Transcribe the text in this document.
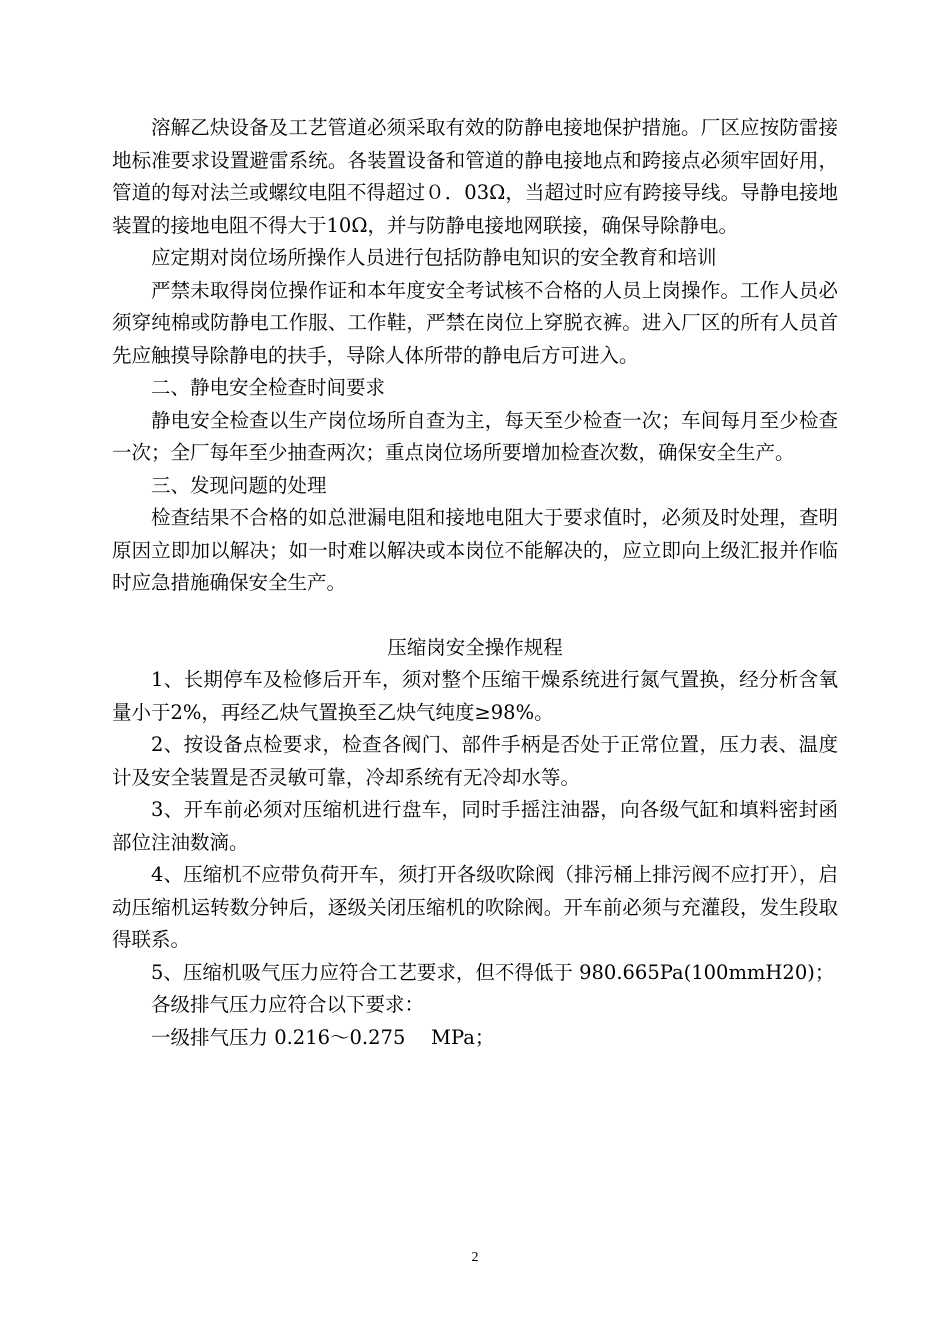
溶解乙炔设备及工艺管道必须采取有效的防静电接地保护措施。厂区应按防雷接地标准要求设置避雷系统。各装置设备和管道的静电接地点和跨接点必须牢固好用，管道的每对法兰或螺纹电阻不得超过０．03Ω，当超过时应有跨接导线。导静电接地装置的接地电阻不得大于10Ω，并与防静电接地网联接，确保导除静电。

应定期对岗位场所操作人员进行包括防静电知识的安全教育和培训

严禁未取得岗位操作证和本年度安全考试核不合格的人员上岗操作。工作人员必须穿纯棉或防静电工作服、工作鞋，严禁在岗位上穿脱衣裤。进入厂区的所有人员首先应触摸导除静电的扶手，导除人体所带的静电后方可进入。

二、静电安全检查时间要求

静电安全检查以生产岗位场所自查为主，每天至少检查一次；车间每月至少检查一次；全厂每年至少抽查两次；重点岗位场所要增加检查次数，确保安全生产。

三、发现问题的处理

检查结果不合格的如总泄漏电阻和接地电阻大于要求值时，必须及时处理，查明原因立即加以解决；如一时难以解决或本岗位不能解决的，应立即向上级汇报并作临时应急措施确保安全生产。

压缩岗安全操作规程

1、长期停车及检修后开车，须对整个压缩干燥系统进行氮气置换，经分析含氧量小于2%，再经乙炔气置换至乙炔气纯度≥98%。

2、按设备点检要求，检查各阀门、部件手柄是否处于正常位置，压力表、温度计及安全装置是否灵敏可靠，冷却系统有无冷却水等。

3、开车前必须对压缩机进行盘车，同时手摇注油器，向各级气缸和填料密封函部位注油数滴。

4、压缩机不应带负荷开车，须打开各级吹除阀（排污桶上排污阀不应打开），启动压缩机运转数分钟后，逐级关闭压缩机的吹除阀。开车前必须与充灌段，发生段取得联系。

5、压缩机吸气压力应符合工艺要求，但不得低于 980.665Pa(100mmH20)；

各级排气压力应符合以下要求：

一级排气压力 0.216～0.275　 MPa；

2
